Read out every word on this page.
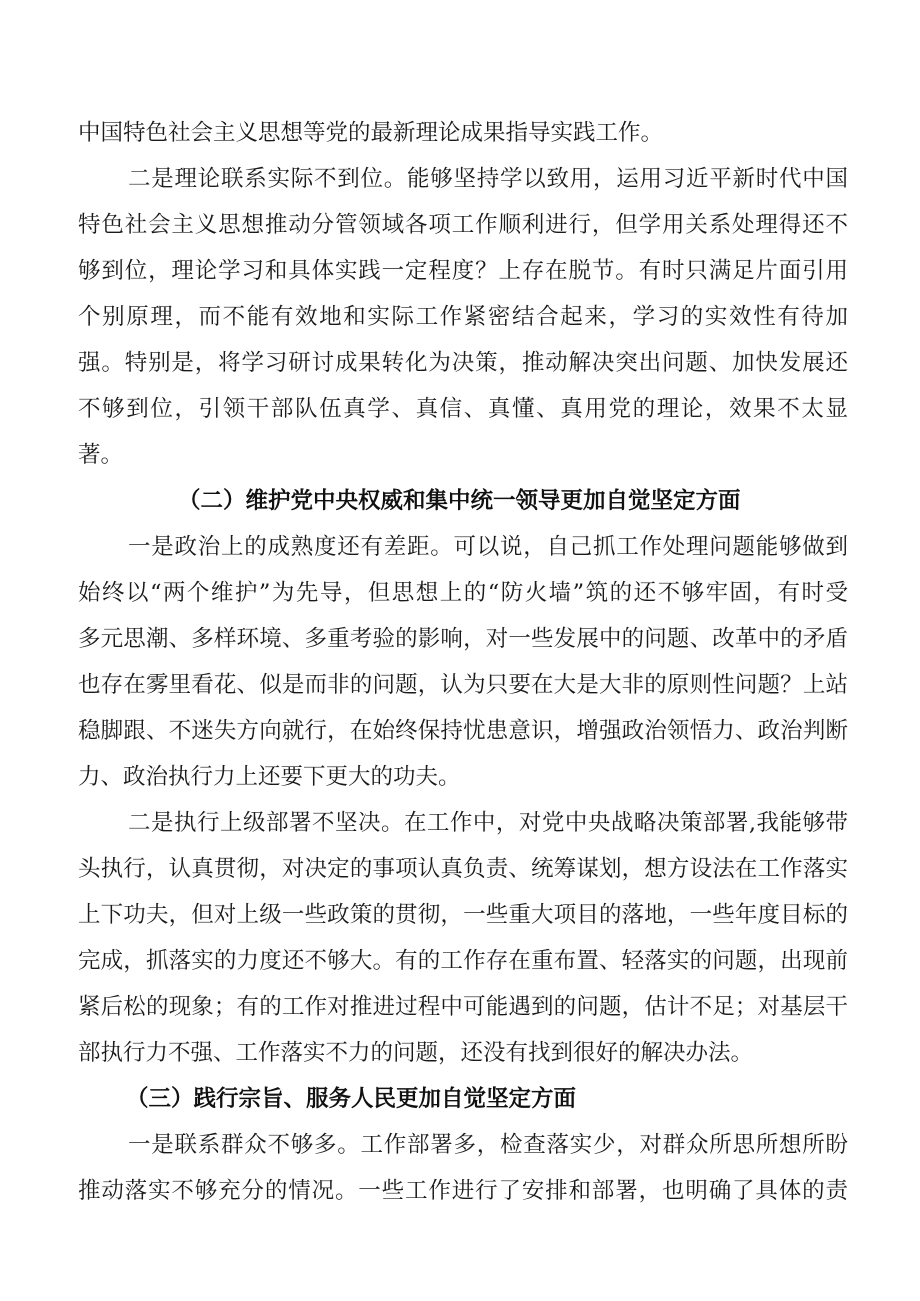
中国特色社会主义思想等党的最新理论成果指导实践工作。
二是理论联系实际不到位。能够坚持学以致用，运用习近平新时代中国
特色社会主义思想推动分管领域各项工作顺利进行，但学用关系处理得还不
够到位，理论学习和具体实践一定程度？上存在脱节。有时只满足片面引用
个别原理，而不能有效地和实际工作紧密结合起来，学习的实效性有待加
强。特别是，将学习研讨成果转化为决策，推动解决突出问题、加快发展还
不够到位，引领干部队伍真学、真信、真懂、真用党的理论，效果不太显
著。
（二）维护党中央权威和集中统一领导更加自觉坚定方面
一是政治上的成熟度还有差距。可以说，自己抓工作处理问题能够做到
始终以“两个维护”为先导，但思想上的“防火墙”筑的还不够牢固，有时受
多元思潮、多样环境、多重考验的影响，对一些发展中的问题、改革中的矛盾
也存在雾里看花、似是而非的问题，认为只要在大是大非的原则性问题？上站
稳脚跟、不迷失方向就行，在始终保持忧患意识，增强政治领悟力、政治判断
力、政治执行力上还要下更大的功夫。
二是执行上级部署不坚决。在工作中，对党中央战略决策部署,我能够带
头执行，认真贯彻，对决定的事项认真负责、统筹谋划，想方设法在工作落实
上下功夫，但对上级一些政策的贯彻，一些重大项目的落地，一些年度目标的
完成，抓落实的力度还不够大。有的工作存在重布置、轻落实的问题，出现前
紧后松的现象；有的工作对推进过程中可能遇到的问题，估计不足；对基层干
部执行力不强、工作落实不力的问题，还没有找到很好的解决办法。
（三）践行宗旨、服务人民更加自觉坚定方面
一是联系群众不够多。工作部署多，检查落实少，对群众所思所想所盼
推动落实不够充分的情况。一些工作进行了安排和部署，也明确了具体的责
